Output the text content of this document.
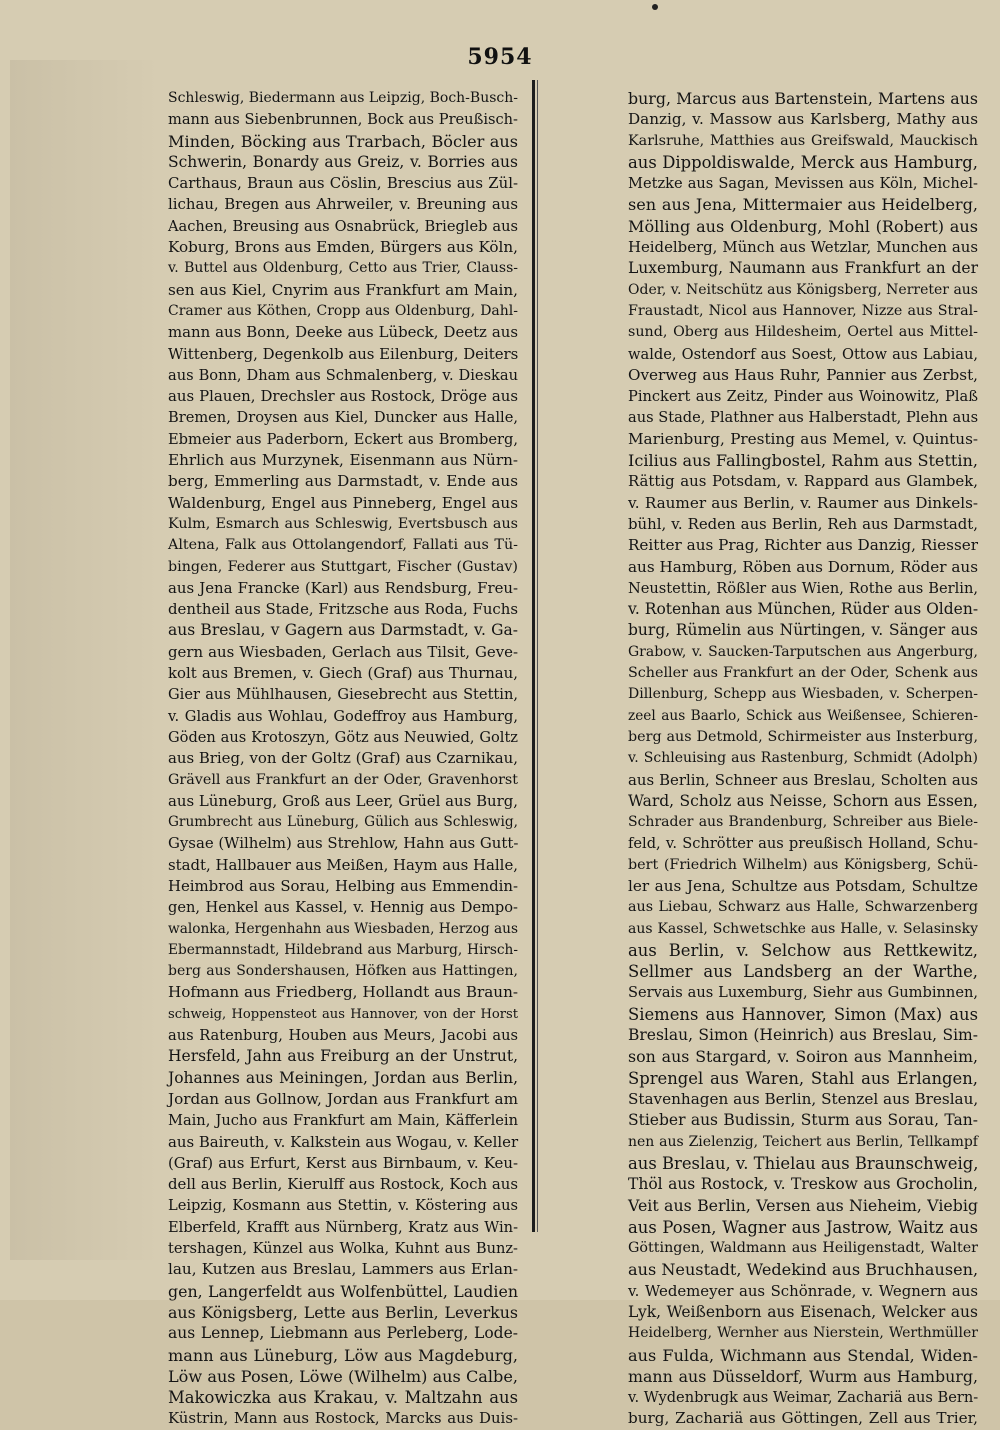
5954
Schleswig, Biedermann aus Leipzig, Boch-Busch-
mann aus Siebenbrunnen, Bock aus Preußisch-
Minden, Böcking aus Trarbach, Böcler aus
Schwerin, Bonardy aus Greiz, v. Borries aus
Carthaus, Braun aus Cöslin, Brescius aus Zül-
lichau, Bregen aus Ahrweiler, v. Breuning aus
Aachen, Breusing aus Osnabrück, Briegleb aus
Koburg, Brons aus Emden, Bürgers aus Köln,
v. Buttel aus Oldenburg, Cetto aus Trier, Clauss-
sen aus Kiel, Cnyrim aus Frankfurt am Main,
Cramer aus Köthen, Cropp aus Oldenburg, Dahl-
mann aus Bonn, Deeke aus Lübeck, Deetz aus
Wittenberg, Degenkolb aus Eilenburg, Deiters
aus Bonn, Dham aus Schmalenberg, v. Dieskau
aus Plauen, Drechsler aus Rostock, Dröge aus
Bremen, Droysen aus Kiel, Duncker aus Halle,
Ebmeier aus Paderborn, Eckert aus Bromberg,
Ehrlich aus Murzynek, Eisenmann aus Nürn-
berg, Emmerling aus Darmstadt, v. Ende aus
Waldenburg, Engel aus Pinneberg, Engel aus
Kulm, Esmarch aus Schleswig, Evertsbusch aus
Altena, Falk aus Ottolangendorf, Fallati aus Tü-
bingen, Federer aus Stuttgart, Fischer (Gustav)
aus Jena Francke (Karl) aus Rendsburg, Freu-
dentheil aus Stade, Fritzsche aus Roda, Fuchs
aus Breslau, v Gagern aus Darmstadt, v. Ga-
gern aus Wiesbaden, Gerlach aus Tilsit, Geve-
kolt aus Bremen, v. Giech (Graf) aus Thurnau,
Gier aus Mühlhausen, Giesebrecht aus Stettin,
v. Gladis aus Wohlau, Godeffroy aus Hamburg,
Göden aus Krotoszyn, Götz aus Neuwied, Goltz
aus Brieg, von der Goltz (Graf) aus Czarnikau,
Grävell aus Frankfurt an der Oder, Gravenhorst
aus Lüneburg, Groß aus Leer, Grüel aus Burg,
Grumbrecht aus Lüneburg, Gülich aus Schleswig,
Gysae (Wilhelm) aus Strehlow, Hahn aus Gutt-
stadt, Hallbauer aus Meißen, Haym aus Halle,
Heimbrod aus Sorau, Helbing aus Emmendin-
gen, Henkel aus Kassel, v. Hennig aus Dempo-
walonka, Hergenhahn aus Wiesbaden, Herzog aus
Ebermannstadt, Hildebrand aus Marburg, Hirsch-
berg aus Sondershausen, Höfken aus Hattingen,
Hofmann aus Friedberg, Hollandt aus Braun-
schweig, Hoppensteot aus Hannover, von der Horst
aus Ratenburg, Houben aus Meurs, Jacobi aus
Hersfeld, Jahn aus Freiburg an der Unstrut,
Johannes aus Meiningen, Jordan aus Berlin,
Jordan aus Gollnow, Jordan aus Frankfurt am
Main, Jucho aus Frankfurt am Main, Käfferlein
aus Baireuth, v. Kalkstein aus Wogau, v. Keller
(Graf) aus Erfurt, Kerst aus Birnbaum, v. Keu-
dell aus Berlin, Kierulff aus Rostock, Koch aus
Leipzig, Kosmann aus Stettin, v. Köstering aus
Elberfeld, Krafft aus Nürnberg, Kratz aus Win-
tershagen, Künzel aus Wolka, Kuhnt aus Bunz-
lau, Kutzen aus Breslau, Lammers aus Erlan-
gen, Langerfeldt aus Wolfenbüttel, Laudien
aus Königsberg, Lette aus Berlin, Leverkus
aus Lennep, Liebmann aus Perleberg, Lode-
mann aus Lüneburg, Löw aus Magdeburg,
Löw aus Posen, Löwe (Wilhelm) aus Calbe,
Makowiczka aus Krakau, v. Maltzahn aus
Küstrin, Mann aus Rostock, Marcks aus Duis-
burg, Marcus aus Bartenstein, Martens aus
Danzig, v. Massow aus Karlsberg, Mathy aus
Karlsruhe, Matthies aus Greifswald, Mauckisch
aus Dippoldiswalde, Merck aus Hamburg,
Metzke aus Sagan, Mevissen aus Köln, Michel-
sen aus Jena, Mittermaier aus Heidelberg,
Mölling aus Oldenburg, Mohl (Robert) aus
Heidelberg, Münch aus Wetzlar, Munchen aus
Luxemburg, Naumann aus Frankfurt an der
Oder, v. Neitschütz aus Königsberg, Nerreter aus
Fraustadt, Nicol aus Hannover, Nizze aus Stral-
sund, Oberg aus Hildesheim, Oertel aus Mittel-
walde, Ostendorf aus Soest, Ottow aus Labiau,
Overweg aus Haus Ruhr, Pannier aus Zerbst,
Pinckert aus Zeitz, Pinder aus Woinowitz, Plaß
aus Stade, Plathner aus Halberstadt, Plehn aus
Marienburg, Presting aus Memel, v. Quintus-
Icilius aus Fallingbostel, Rahm aus Stettin,
Rättig aus Potsdam, v. Rappard aus Glambek,
v. Raumer aus Berlin, v. Raumer aus Dinkels-
bühl, v. Reden aus Berlin, Reh aus Darmstadt,
Reitter aus Prag, Richter aus Danzig, Riesser
aus Hamburg, Röben aus Dornum, Röder aus
Neustettin, Rößler aus Wien, Rothe aus Berlin,
v. Rotenhan aus München, Rüder aus Olden-
burg, Rümelin aus Nürtingen, v. Sänger aus
Grabow, v. Saucken-Tarputschen aus Angerburg,
Scheller aus Frankfurt an der Oder, Schenk aus
Dillenburg, Schepp aus Wiesbaden, v. Scherpen-
zeel aus Baarlo, Schick aus Weißensee, Schieren-
berg aus Detmold, Schirmeister aus Insterburg,
v. Schleuising aus Rastenburg, Schmidt (Adolph)
aus Berlin, Schneer aus Breslau, Scholten aus
Ward, Scholz aus Neisse, Schorn aus Essen,
Schrader aus Brandenburg, Schreiber aus Biele-
feld, v. Schrötter aus preußisch Holland, Schu-
bert (Friedrich Wilhelm) aus Königsberg, Schü-
ler aus Jena, Schultze aus Potsdam, Schultze
aus Liebau, Schwarz aus Halle, Schwarzenberg
aus Kassel, Schwetschke aus Halle, v. Selasinsky
aus Berlin, v. Selchow aus Rettkewitz,
Sellmer aus Landsberg an der Warthe,
Servais aus Luxemburg, Siehr aus Gumbinnen,
Siemens aus Hannover, Simon (Max) aus
Breslau, Simon (Heinrich) aus Breslau, Sim-
son aus Stargard, v. Soiron aus Mannheim,
Sprengel aus Waren, Stahl aus Erlangen,
Stavenhagen aus Berlin, Stenzel aus Breslau,
Stieber aus Budissin, Sturm aus Sorau, Tan-
nen aus Zielenzig, Teichert aus Berlin, Tellkampf
aus Breslau, v. Thielau aus Braunschweig,
Thöl aus Rostock, v. Treskow aus Grocholin,
Veit aus Berlin, Versen aus Nieheim, Viebig
aus Posen, Wagner aus Jastrow, Waitz aus
Göttingen, Waldmann aus Heiligenstadt, Walter
aus Neustadt, Wedekind aus Bruchhausen,
v. Wedemeyer aus Schönrade, v. Wegnern aus
Lyk, Weißenborn aus Eisenach, Welcker aus
Heidelberg, Wernher aus Nierstein, Werthmüller
aus Fulda, Wichmann aus Stendal, Widen-
mann aus Düsseldorf, Wurm aus Hamburg,
v. Wydenbrugk aus Weimar, Zachariä aus Bern-
burg, Zachariä aus Göttingen, Zell aus Trier,
